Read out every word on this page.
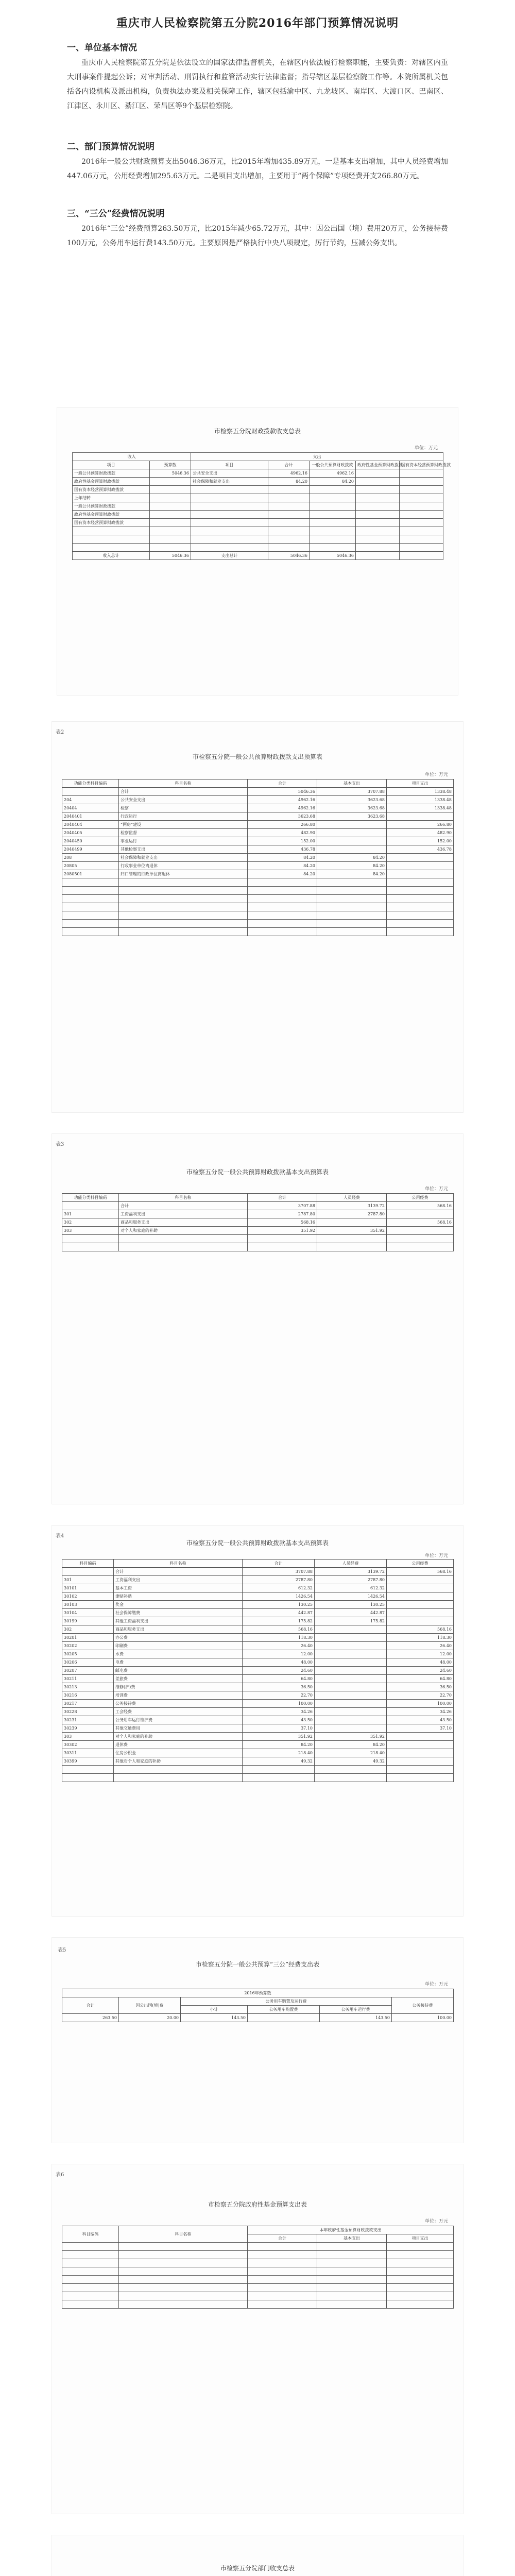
重庆市人民检察院第五分院2016年部门预算情况说明
一、单位基本情况
重庆市人民检察院第五分院是依法设立的国家法律监督机关，在辖区内依法履行检察职能，主要负责：对辖区内重大刑事案件提起公诉；对审判活动、刑罚执行和监管活动实行法律监督；指导辖区基层检察院工作等。本院所属机关包括各内设机构及派出机构，负责执法办案及相关保障工作，辖区包括渝中区、九龙坡区、南岸区、大渡口区、巴南区、江津区、永川区、綦江区、荣昌区等9个基层检察院。
二、部门预算情况说明
2016年一般公共财政预算支出5046.36万元，比2015年增加435.89万元，一是基本支出增加，其中人员经费增加447.06万元，公用经费增加295.63万元。二是项目支出增加，主要用于“两个保障”专项经费开支266.80万元。
三、“三公”经费情况说明
2016年“三公”经费预算263.50万元，比2015年减少65.72万元，其中：因公出国（境）费用20万元，公务接待费100万元，公务用车运行费143.50万元。主要原因是严格执行中央八项规定，厉行节约，压减公务支出。
市检察五分院财政拨款收支总表
单位：万元
收入		支出				
项目	预算数	项目	合计	一般公共预算财政拨款	政府性基金预算财政拨款	国有资本经营预算财政拨款
一般公共预算财政拨款	5046.36	公共安全支出	4962.16	4962.16		
政府性基金预算财政拨款		社会保障和就业支出	84.20	84.20		
国有资本经营预算财政拨款						
上年结转						
一般公共预算财政拨款						
政府性基金预算财政拨款						
国有资本经营预算财政拨款						

收入总计	5046.36	支出总计	5046.36	5046.36		
表2
市检察五分院一般公共预算财政拨款支出预算表
单位：万元
功能分类科目编码	科目名称	合计	基本支出	项目支出
	合计	5046.36	3707.88	1338.48
204	公共安全支出	4962.16	3623.68	1338.48
20404	检察	4962.16	3623.68	1338.48
2040401	行政运行	3623.68	3623.68	
2040404	“两房”建设	266.80		266.80
2040405	检察监督	482.90		482.90
2040450	事业运行	152.00		152.00
2040499	其他检察支出	436.78		436.78
208	社会保障和就业支出	84.20	84.20	
20805	行政事业单位离退休	84.20	84.20	
2080501	归口管理的行政单位离退休	84.20	84.20	

表3
市检察五分院一般公共预算财政拨款基本支出预算表
单位：万元
功能分类科目编码	科目名称	合计	人员经费	公用经费
	合计	3707.88	3139.72	568.16
301	工资福利支出	2787.80	2787.80	
302	商品和服务支出	568.16		568.16
303	对个人和家庭的补助	351.92	351.92	

表4
市检察五分院一般公共预算财政拨款基本支出预算表
单位：万元
科目编码	科目名称	合计	人员经费	公用经费
	合计	3707.88	3139.72	568.16
301	工资福利支出	2787.80	2787.80	
30101	基本工资	612.32	612.32	
30102	津贴补贴	1426.54	1426.54	
30103	奖金	130.25	130.25	
30104	社会保障缴费	442.87	442.87	
30199	其他工资福利支出	175.82	175.82	
302	商品和服务支出	568.16		568.16
30201	办公费	118.30		118.30
30202	印刷费	26.40		26.40
30205	水费	12.00		12.00
30206	电费	48.00		48.00
30207	邮电费	24.60		24.60
30211	差旅费	64.80		64.80
30213	维修(护)费	36.50		36.50
30216	培训费	22.70		22.70
30217	公务接待费	100.00		100.00
30228	工会经费	34.26		34.26
30231	公务用车运行维护费	43.50		43.50
30239	其他交通费用	37.10		37.10
303	对个人和家庭的补助	351.92	351.92	
30302	退休费	84.20	84.20	
30311	住房公积金	218.40	218.40	
30399	其他对个人和家庭的补助	49.32	49.32	

表5
市检察五分院一般公共预算“三公”经费支出表
单位：万元
2016年预算数					
合计	因公出国(境)费	公务用车购置及运行费			公务接待费
		小计	公务用车购置费	公务用车运行费	
263.50	20.00	143.50		143.50	100.00
表6
市检察五分院政府性基金预算支出表
单位：万元
科目编码	科目名称	本年政府性基金预算财政拨款支出		
		合计	基本支出	项目支出

市检察五分院部门收支总表
